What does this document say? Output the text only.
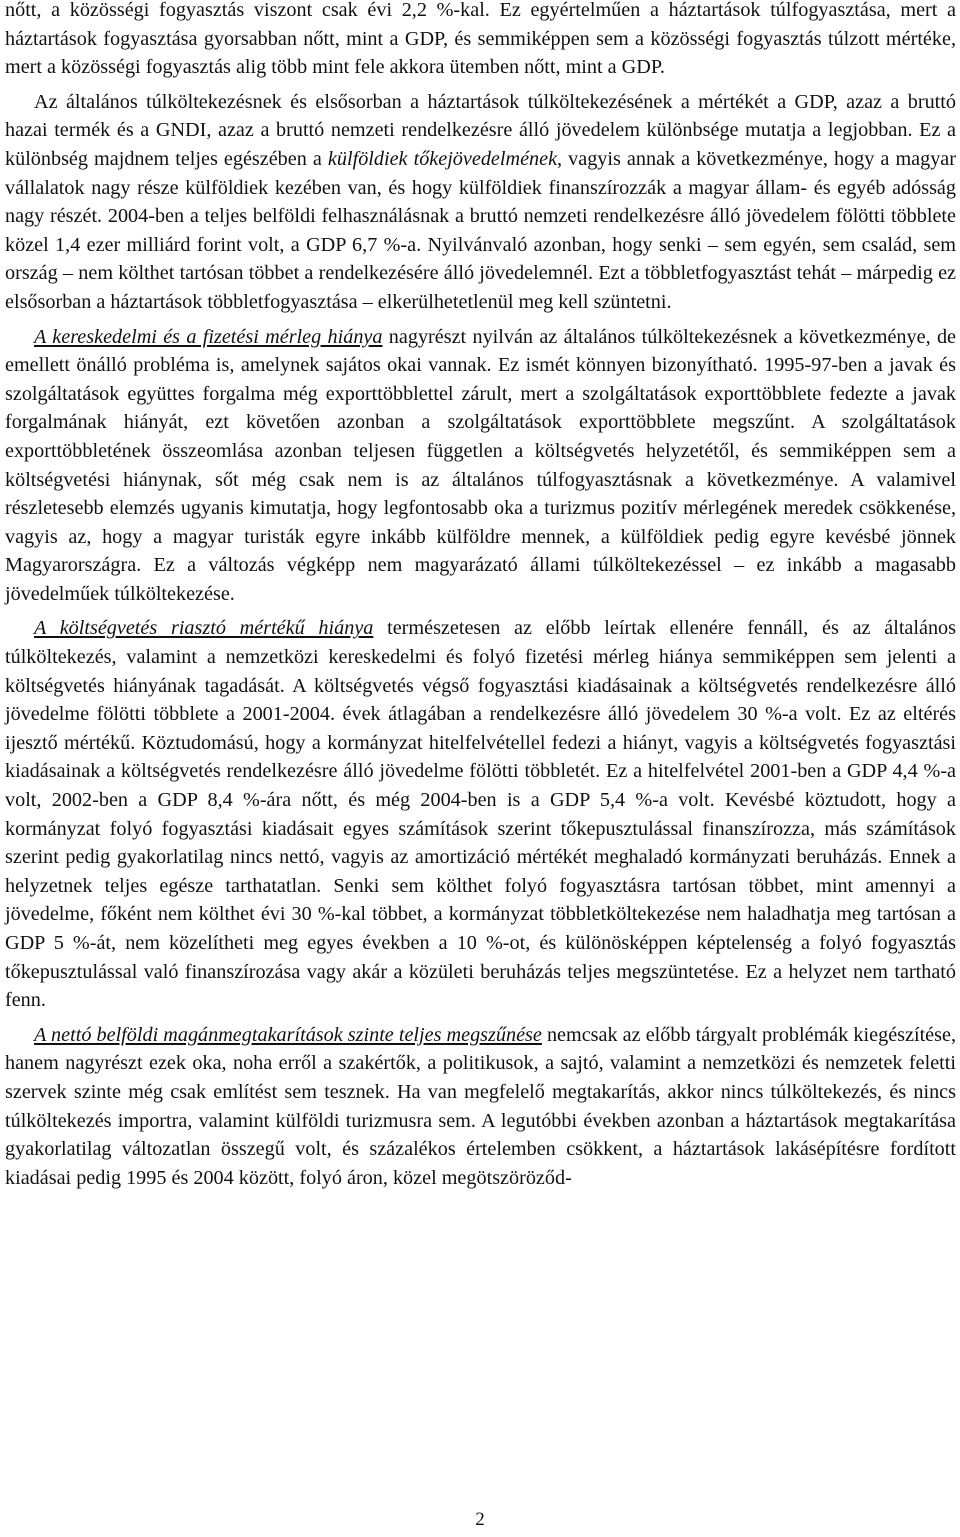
nőtt, a közösségi fogyasztás viszont csak évi 2,2 %-kal. Ez egyértelműen a háztartások túlfogyasztása, mert a háztartások fogyasztása gyorsabban nőtt, mint a GDP, és semmiképpen sem a közösségi fogyasztás túlzott mértéke, mert a közösségi fogyasztás alig több mint fele akkora ütemben nőtt, mint a GDP.

Az általános túlköltekezésnek és elsősorban a háztartások túlköltekezésének a mértékét a GDP, azaz a bruttó hazai termék és a GNDI, azaz a bruttó nemzeti rendelkezésre álló jövedelem különbsége mutatja a legjobban. Ez a különbség majdnem teljes egészében a külföldiek tőkejövedelmének, vagyis annak a következménye, hogy a magyar vállalatok nagy része külföldiek kezében van, és hogy külföldiek finanszírozzák a magyar állam- és egyéb adósság nagy részét. 2004-ben a teljes belföldi felhasználásnak a bruttó nemzeti rendelkezésre álló jövedelem fölötti többlete közel 1,4 ezer milliárd forint volt, a GDP 6,7 %-a. Nyilvánvaló azonban, hogy senki – sem egyén, sem család, sem ország – nem költhet tartósan többet a rendelkezésére álló jövedelemnél. Ezt a többletfogyasztást tehát – márpedig ez elsősorban a háztartások többletfogyasztása – elkerülhetetlenül meg kell szüntetni.

A kereskedelmi és a fizetési mérleg hiánya nagyrészt nyilván az általános túlköltekezésnek a következménye, de emellett önálló probléma is, amelynek sajátos okai vannak. Ez ismét könnyen bizonyítható. 1995-97-ben a javak és szolgáltatások együttes forgalma még exporttöbblettel zárult, mert a szolgáltatások exporttöbblete fedezte a javak forgalmának hiányát, ezt követően azonban a szolgáltatások exporttöbblete megszűnt. A szolgáltatások exporttöbbletének összeomlása azonban teljesen független a költségvetés helyzetétől, és semmiképpen sem a költségvetési hiánynak, sőt még csak nem is az általános túlfogyasztásnak a következménye. A valamivel részletesebb elemzés ugyanis kimutatja, hogy legfontosabb oka a turizmus pozitív mérlegének meredek csökkenése, vagyis az, hogy a magyar turisták egyre inkább külföldre mennek, a külföldiek pedig egyre kevésbé jönnek Magyarországra. Ez a változás végképp nem magyarázató állami túlköltekezéssel – ez inkább a magasabb jövedelműek túlköltekezése.

A költségvetés riasztó mértékű hiánya természetesen az előbb leírtak ellenére fennáll, és az általános túlköltekezés, valamint a nemzetközi kereskedelmi és folyó fizetési mérleg hiánya semmiképpen sem jelenti a költségvetés hiányának tagadását. A költségvetés végső fogyasztási kiadásainak a költségvetés rendelkezésre álló jövedelme fölötti többlete a 2001-2004. évek átlagában a rendelkezésre álló jövedelem 30 %-a volt. Ez az eltérés ijesztő mértékű. Köztudomású, hogy a kormányzat hitelfelvétellel fedezi a hiányt, vagyis a költségvetés fogyasztási kiadásainak a költségvetés rendelkezésre álló jövedelme fölötti többletét. Ez a hitelfelvétel 2001-ben a GDP 4,4 %-a volt, 2002-ben a GDP 8,4 %-ára nőtt, és még 2004-ben is a GDP 5,4 %-a volt. Kevésbé köztudott, hogy a kormányzat folyó fogyasztási kiadásait egyes számítások szerint tőkepusztulással finanszírozza, más számítások szerint pedig gyakorlatilag nincs nettó, vagyis az amortizáció mértékét meghaladó kormányzati beruházás. Ennek a helyzetnek teljes egésze tarthatatlan. Senki sem költhet folyó fogyasztásra tartósan többet, mint amennyi a jövedelme, főként nem költhet évi 30 %-kal többet, a kormányzat többletköltekezése nem haladhatja meg tartósan a GDP 5 %-át, nem közelítheti meg egyes években a 10 %-ot, és különösképpen képtelenség a folyó fogyasztás tőkepusztulással való finanszírozása vagy akár a közületi beruházás teljes megszüntetése. Ez a helyzet nem tartható fenn.

A nettó belföldi magánmegtakarítások szinte teljes megszűnése nemcsak az előbb tárgyalt problémák kiegészítése, hanem nagyrészt ezek oka, noha erről a szakértők, a politikusok, a sajtó, valamint a nemzetközi és nemzetek feletti szervek szinte még csak említést sem tesznek. Ha van megfelelő megtakarítás, akkor nincs túlköltekezés, és nincs túlköltekezés importra, valamint külföldi turizmusra sem. A legutóbbi években azonban a háztartások megtakarítása gyakorlatilag változatlan összegű volt, és százalékos értelemben csökkent, a háztartások lakásépítésre fordított kiadásai pedig 1995 és 2004 között, folyó áron, közel megötszöröződ-

2
